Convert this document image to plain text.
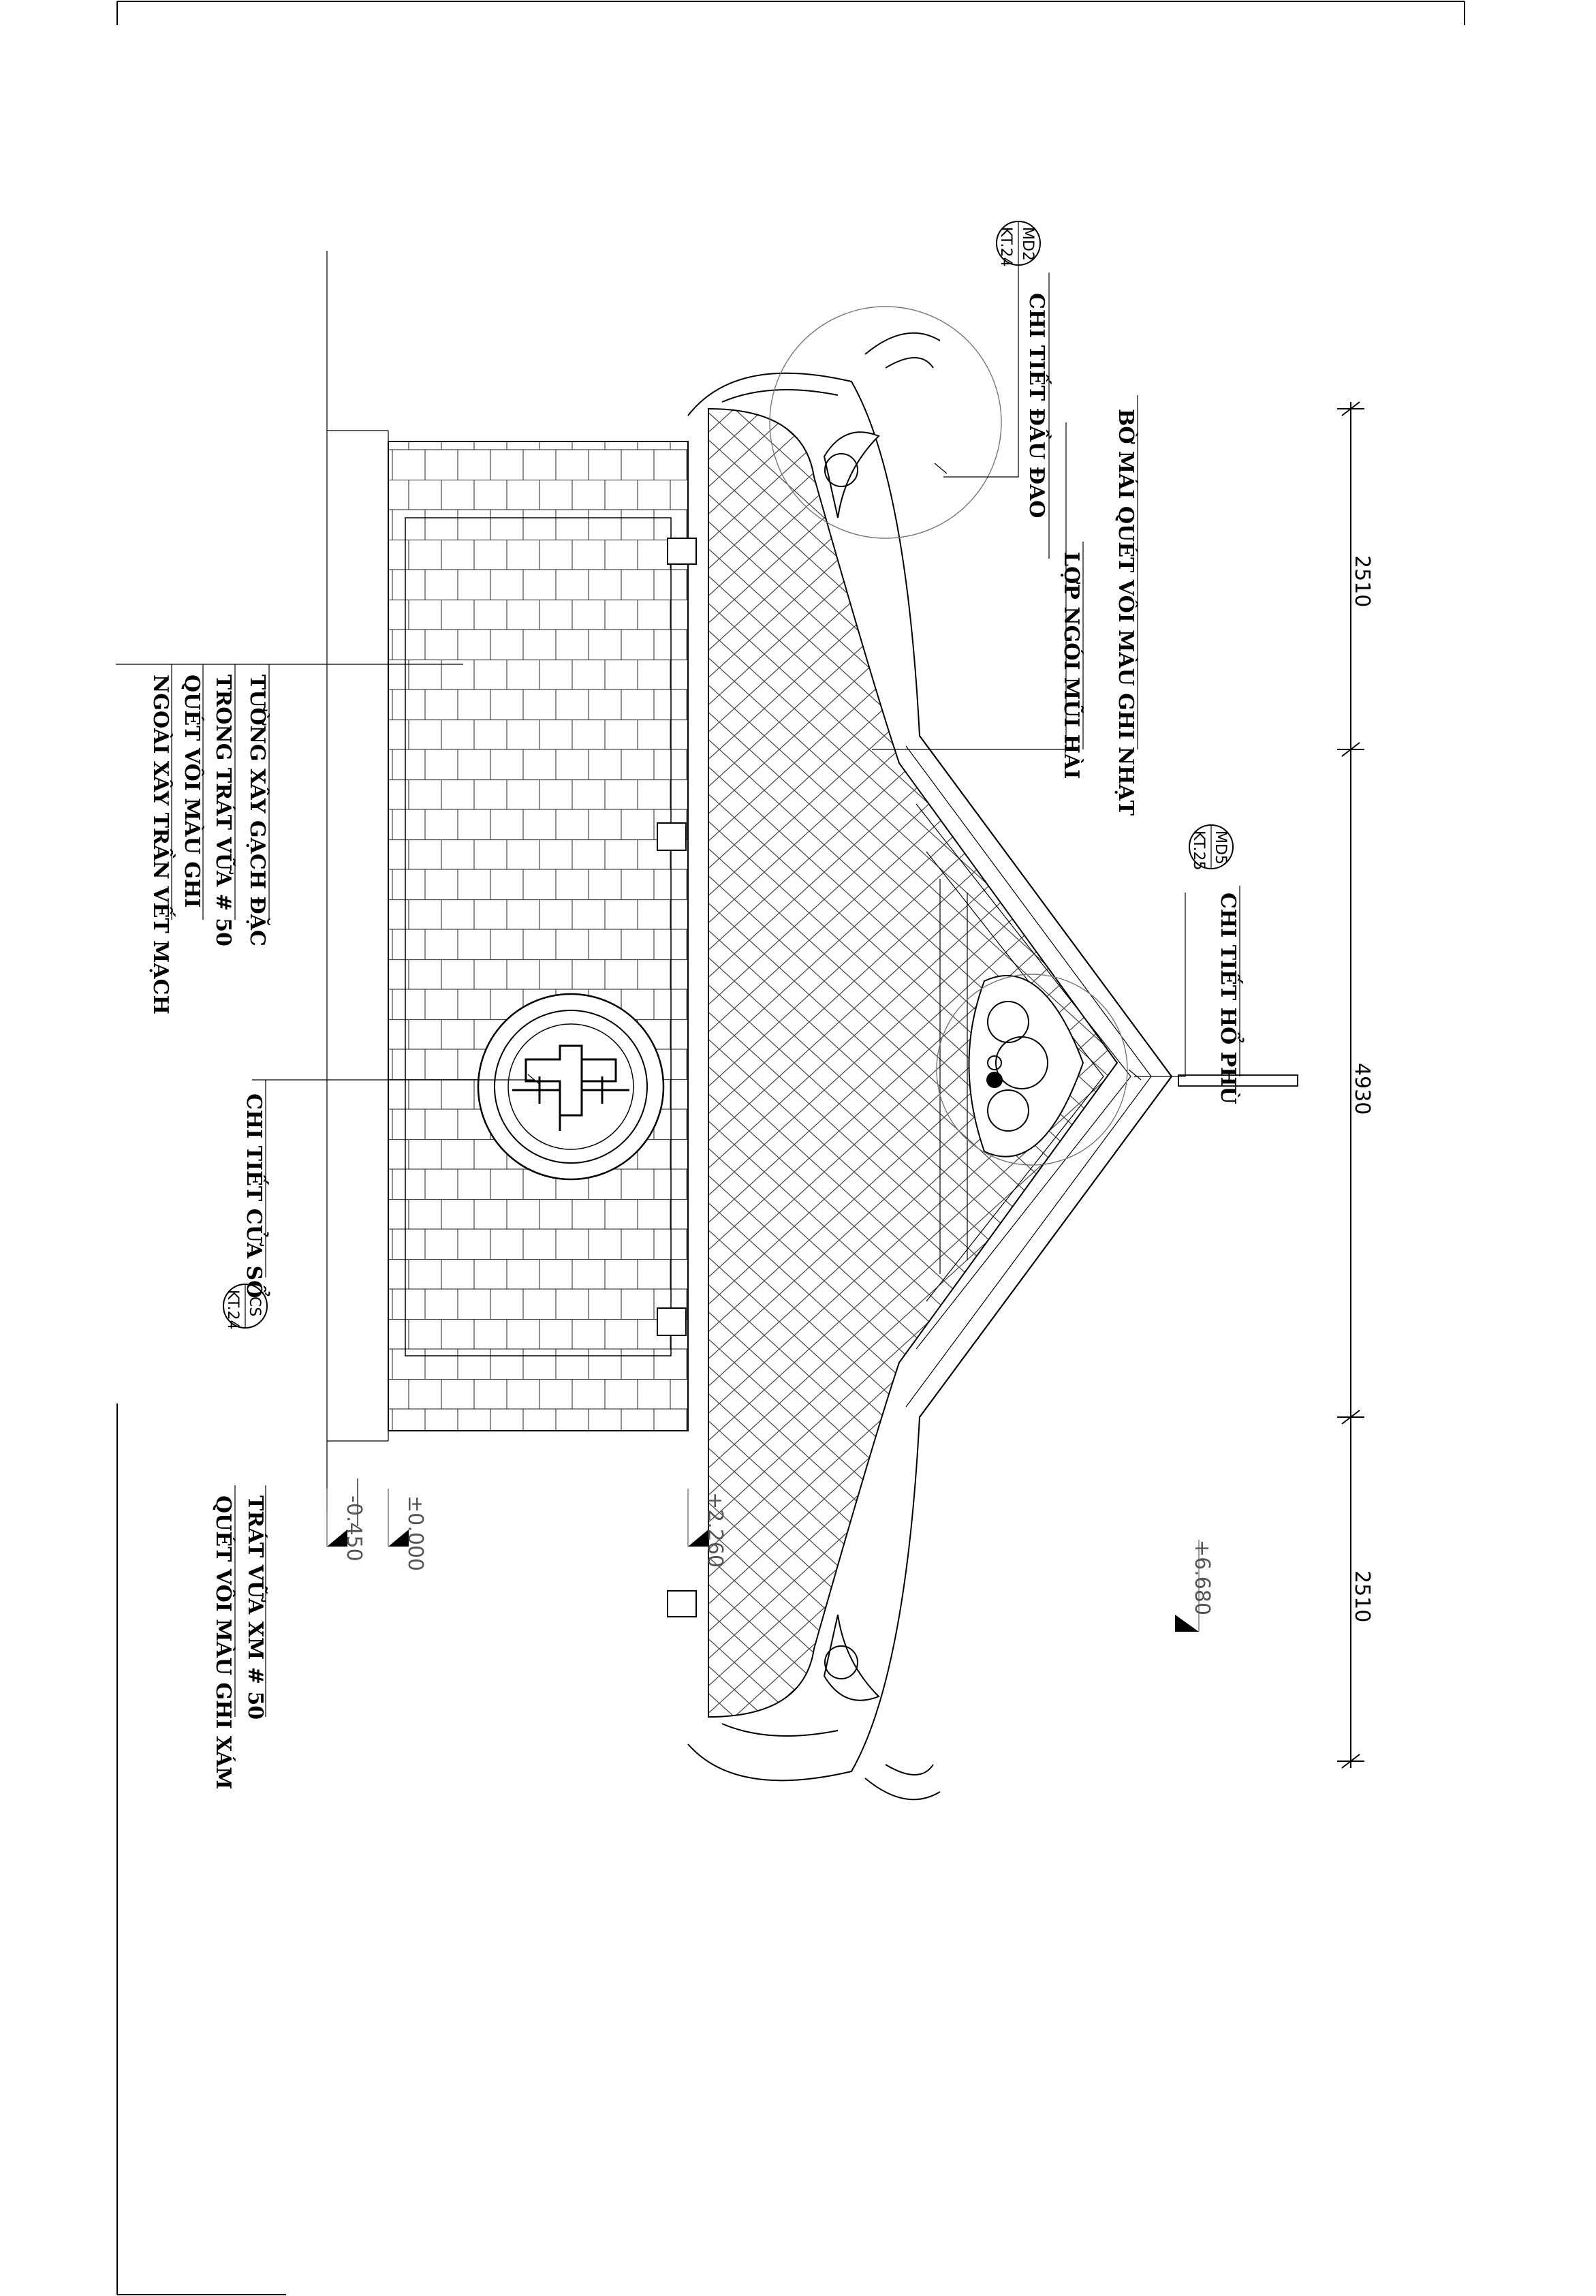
CHI TIẾT ĐẦU ĐAO
BỜ MÁI QUÉT VÔI MÀU GHI NHẠT
LỢP NGÓI MŨI HÀI
CHI TIẾT HỔ PHÙ
CHI TIẾT CỬA SỔ
TƯỜNG XÂY GẠCH ĐẶC
TRONG TRÁT VỮA # 50
QUÉT VÔI MÀU GHI
NGOÀI XÂY TRẦN VẾT MẠCH
TRÁT VỮA XM # 50
QUÉT VÔI MÀU GHI XÁM
MD2
KT.24
MD5
KT.25
CS
KT.24
2510
4930
2510
+6.680
+2.260
±0.000
-0.450
